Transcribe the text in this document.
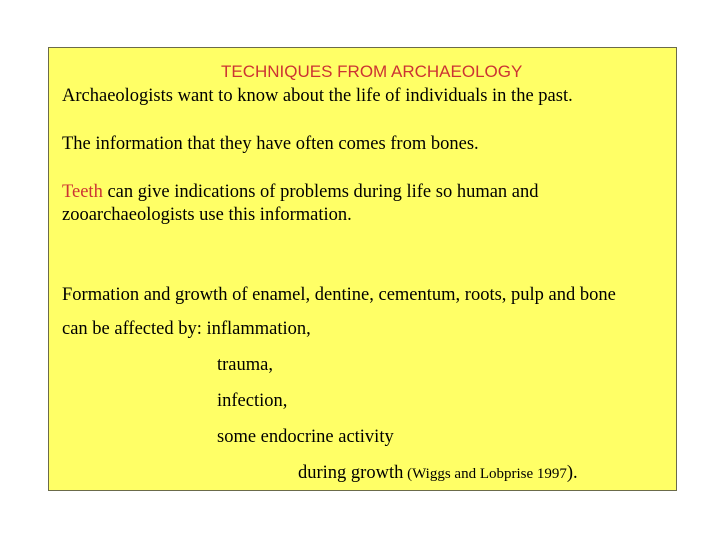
TECHNIQUES FROM ARCHAEOLOGY
Archaeologists want to know about the life of individuals in the past.
The information that they have often comes from bones.
Teeth can give indications of problems during life so human and
zooarchaeologists use this information.
Formation and growth of enamel, dentine, cementum, roots, pulp and bone
can be affected by: inflammation,
trauma,
infection,
some endocrine activity
during growth (Wiggs and Lobprise 1997).
